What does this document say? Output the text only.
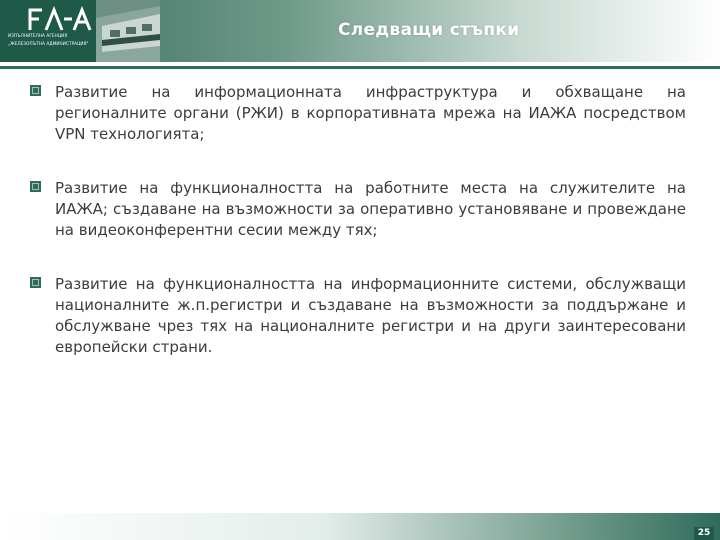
ИЗПЪЛНИТЕЛНА АГЕНЦИЯ
„ЖЕЛЕЗОПЪТНА АДМИНИСТРАЦИЯ"
Следващи стъпки
Развитие на информационната инфраструктура и обхващане на регионалните органи (РЖИ) в корпоративната мрежа на ИАЖА посредством VPN технологията;
Развитие на функционалността на работните места на служителите на ИАЖА; създаване на възможности за оперативно установяване и провеждане на видеоконферентни сесии между тях;
Развитие на функционалността на информационните системи, обслужващи националните ж.п.регистри и създаване на възможности за поддържане и обслужване чрез тях на националните регистри и на други заинтересовани европейски страни.
25
